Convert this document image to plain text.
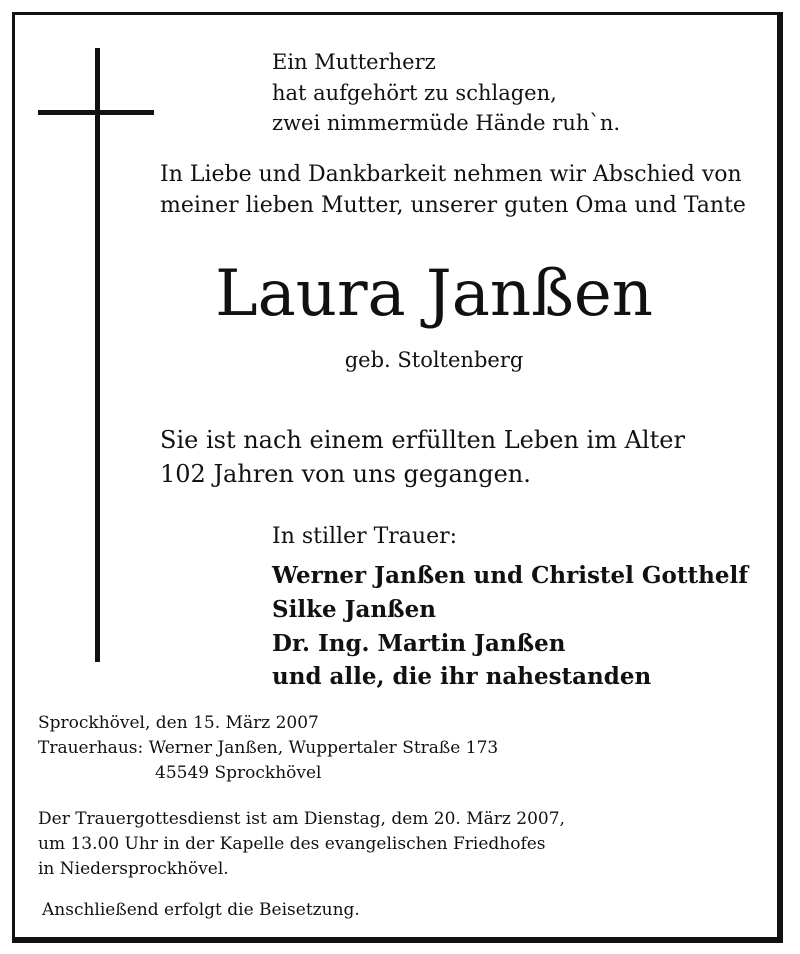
Ein Mutterherz
hat aufgehört zu schlagen,
zwei nimmermüde Hände ruh`n.
In Liebe und Dankbarkeit nehmen wir Abschied von
meiner lieben Mutter, unserer guten Oma und Tante
Laura Janßen
geb. Stoltenberg
Sie ist nach einem erfüllten Leben im Alter
102 Jahren von uns gegangen.
In stiller Trauer:
Werner Janßen und Christel Gotthelf
Silke Janßen
Dr. Ing. Martin Janßen
und alle, die ihr nahestanden
Sprockhövel, den 15. März 2007
Trauerhaus: Werner Janßen, Wuppertaler Straße 173
45549 Sprockhövel
Der Trauergottesdienst ist am Dienstag, dem 20. März 2007,
um 13.00 Uhr in der Kapelle des evangelischen Friedhofes
in Niedersprockhövel.
Anschließend erfolgt die Beisetzung.
